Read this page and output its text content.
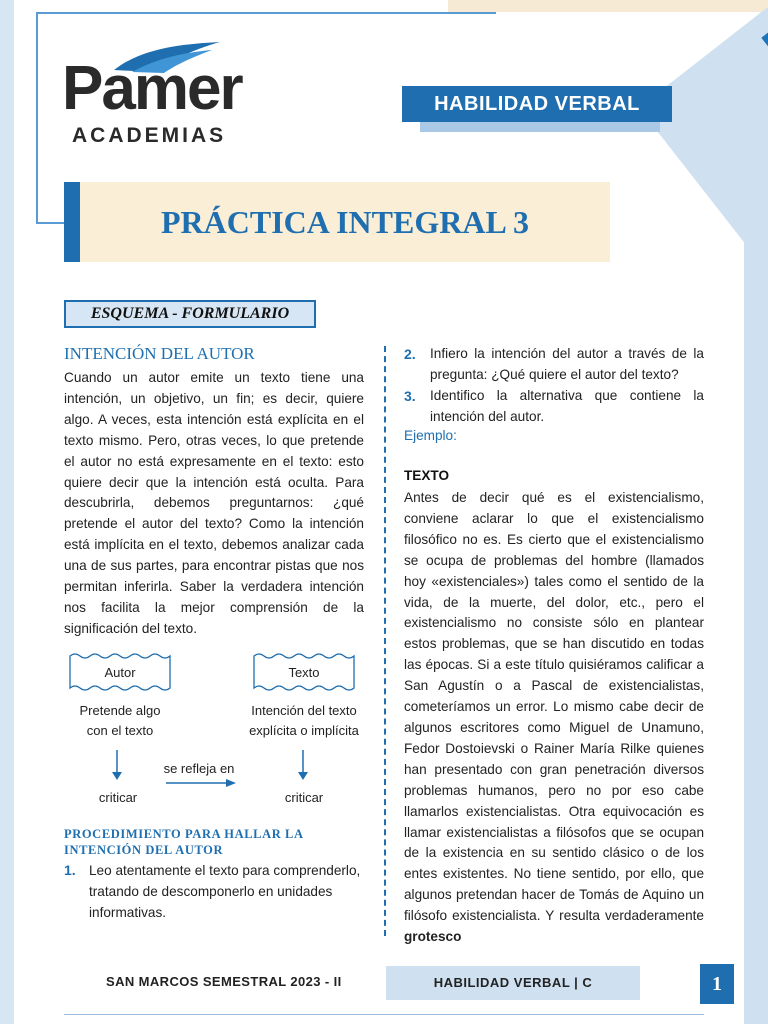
Pamer
ACADEMIAS
HABILIDAD VERBAL
PRÁCTICA INTEGRAL 3
ESQUEMA - FORMULARIO
INTENCIÓN DEL AUTOR
Cuando un autor emite un texto tiene una intención, un objetivo, un fin; es decir, quiere algo. A veces, esta intención está explícita en el texto mismo. Pero, otras veces, lo que pretende el autor no está expresamente en el texto: esto quiere decir que la intención está oculta. Para descubrirla, debemos preguntarnos: ¿qué pretende el autor del texto? Como la intención está implícita en el texto, debemos analizar cada una de sus partes, para encontrar pistas que nos permitan inferirla. Saber la verdadera intención nos facilita la mejor comprensión de la significación del texto.
Autor	Texto
Pretende algo
con el texto
Intención del texto
explícita o implícita
se refleja en
criticar	criticar
PROCEDIMIENTO PARA HALLAR LA INTENCIÓN DEL AUTOR
1. Leo atentamente el texto para comprenderlo, tratando de descomponerlo en unidades informativas.
2. Infiero la intención del autor a través de la pregunta: ¿Qué quiere el autor del texto?
3. Identifico la alternativa que contiene la intención del autor.
Ejemplo:
TEXTO
Antes de decir qué es el existencialismo, conviene aclarar lo que el existencialismo filosófico no es. Es cierto que el existencialismo se ocupa de problemas del hombre (llamados hoy «existenciales») tales como el sentido de la vida, de la muerte, del dolor, etc., pero el existencialismo no consiste sólo en plantear estos problemas, que se han discutido en todas las épocas. Si a este título quisiéramos calificar a San Agustín o a Pascal de existencialistas, cometeríamos un error. Lo mismo cabe decir de algunos escritores como Miguel de Unamuno, Fedor Dostoievski o Rainer María Rilke quienes han presentado con gran penetración diversos problemas humanos, pero no por eso cabe llamarlos existencialistas. Otra equivocación es llamar existencialistas a filósofos que se ocupan de la existencia en su sentido clásico o de los entes existentes. No tiene sentido, por ello, que algunos pretendan hacer de Tomás de Aquino un filósofo existencialista. Y resulta verdaderamente grotesco
SAN MARCOS SEMESTRAL 2023 - II	HABILIDAD VERBAL | C	1
